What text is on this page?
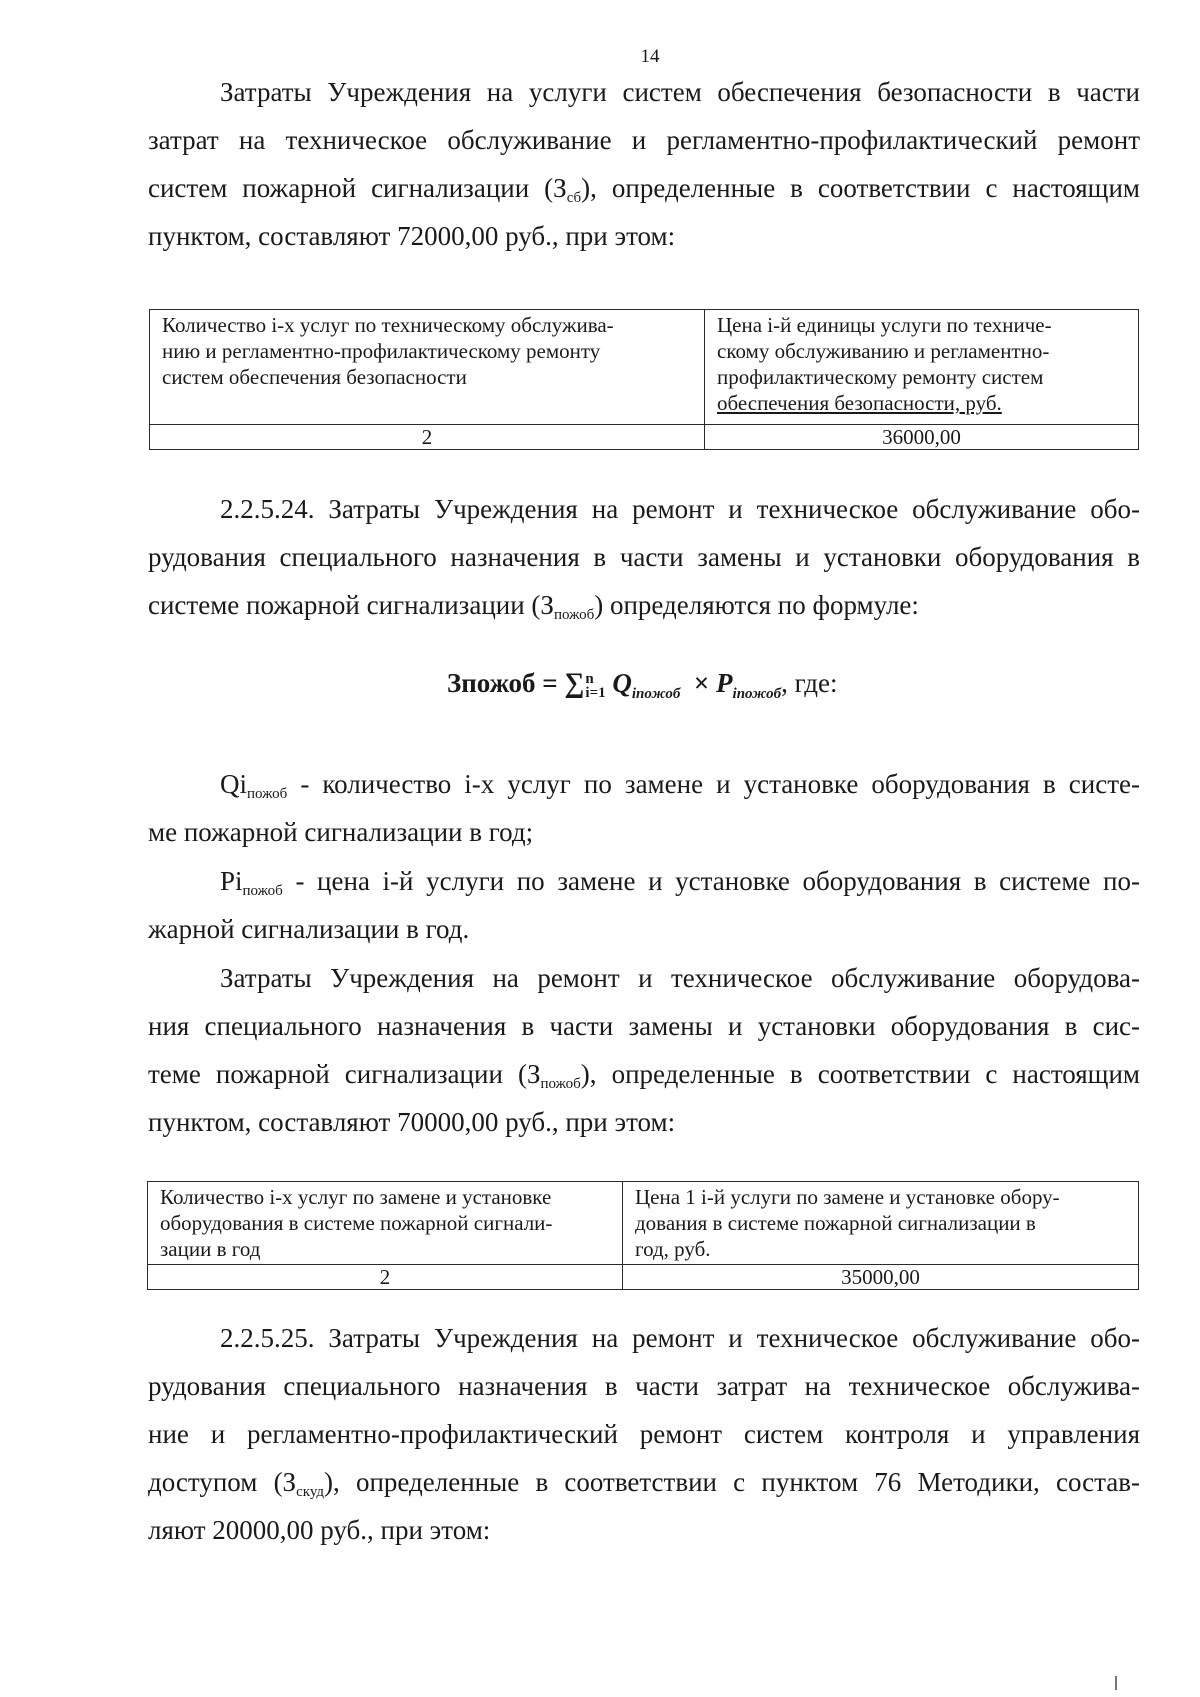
14

Затраты Учреждения на услуги систем обеспечения безопасности в части
затрат на техническое обслуживание и регламентно-профилактический ремонт
систем пожарной сигнализации $(З_{сб})$, определенные в соответствии с настоящим
пунктом, составляют 72000,00 руб., при этом:

Количество i-х услуг по техническому обслужива-
нию и регламентно-профилактическому ремонту
систем обеспечения безопасности	Цена i-й единицы услуги по техниче-
скому обслуживанию и регламентно-
профилактическому ремонту систем
обеспечения безопасности, руб.

2	36000,00

2.2.5.24. Затраты Учреждения на ремонт и техническое обслуживание обо-
рудования специального назначения в части замены и установки оборудования в
системе пожарной сигнализации $(З_{пожоб})$ определяются по формуле:

Зпожоб = ∑ n
i=1 $Q_{iпожоб} \times P_{iпожоб}$, где:

$Qi_{пожоб}$ - количество i-х услуг по замене и установке оборудования в систе-
ме пожарной сигнализации в год;

$Pi_{пожоб}$ - цена i-й услуги по замене и установке оборудования в системе по-
жарной сигнализации в год.

Затраты Учреждения на ремонт и техническое обслуживание оборудова-
ния специального назначения в части замены и установки оборудования в сис-
теме пожарной сигнализации $(З_{пожоб})$, определенные в соответствии с настоящим
пунктом, составляют 70000,00 руб., при этом:

Количество i-х услуг по замене и установке
оборудования в системе пожарной сигнали-
зации в год	Цена 1 i-й услуги по замене и установке обору-
дования в системе пожарной сигнализации в
год, руб.

2	35000,00

2.2.5.25. Затраты Учреждения на ремонт и техническое обслуживание обо-
рудования специального назначения в части затрат на техническое обслужива-
ние и регламентно-профилактический ремонт систем контроля и управления
доступом $(З_{скуд})$, определенные в соответствии с пунктом 76 Методики, состав-
ляют 20000,00 руб., при этом:
